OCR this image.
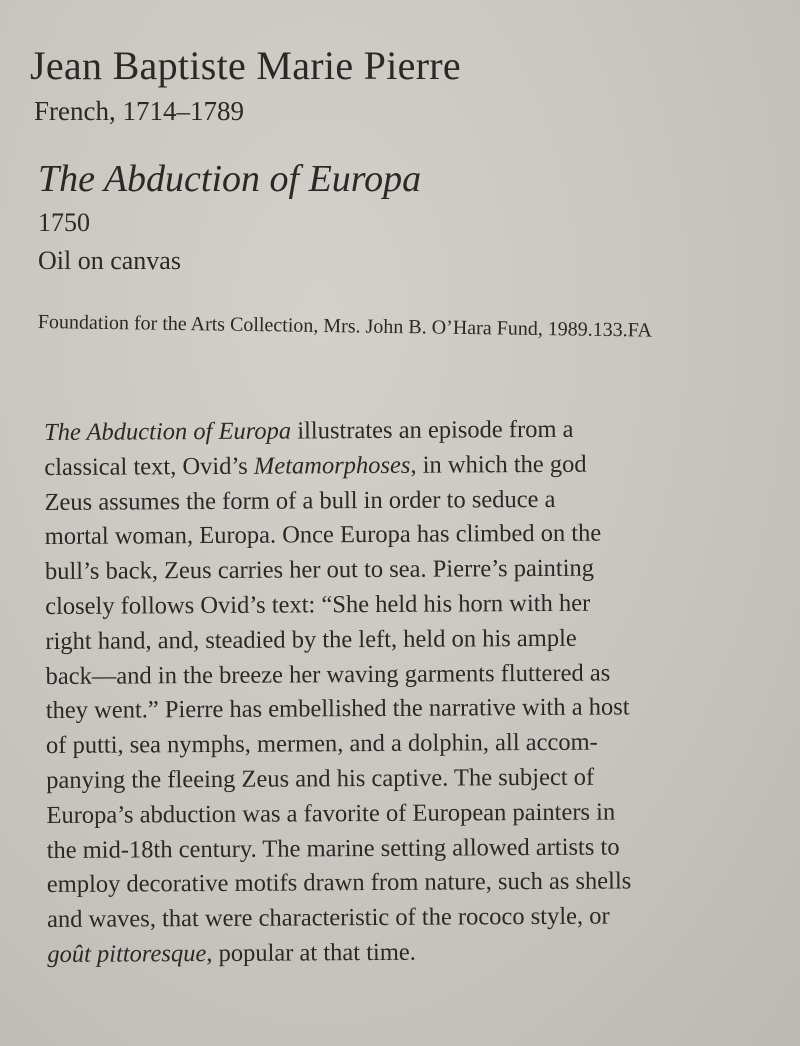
Jean Baptiste Marie Pierre
French, 1714–1789
The Abduction of Europa
1750
Oil on canvas
Foundation for the Arts Collection, Mrs. John B. O’Hara Fund, 1989.133.FA
The Abduction of Europa illustrates an episode from a
classical text, Ovid’s Metamorphoses, in which the god
Zeus assumes the form of a bull in order to seduce a
mortal woman, Europa. Once Europa has climbed on the
bull’s back, Zeus carries her out to sea. Pierre’s painting
closely follows Ovid’s text: “She held his horn with her
right hand, and, steadied by the left, held on his ample
back—and in the breeze her waving garments fluttered as
they went.” Pierre has embellished the narrative with a host
of putti, sea nymphs, mermen, and a dolphin, all accom-
panying the fleeing Zeus and his captive. The subject of
Europa’s abduction was a favorite of European painters in
the mid-18th century. The marine setting allowed artists to
employ decorative motifs drawn from nature, such as shells
and waves, that were characteristic of the rococo style, or
goût pittoresque, popular at that time.
